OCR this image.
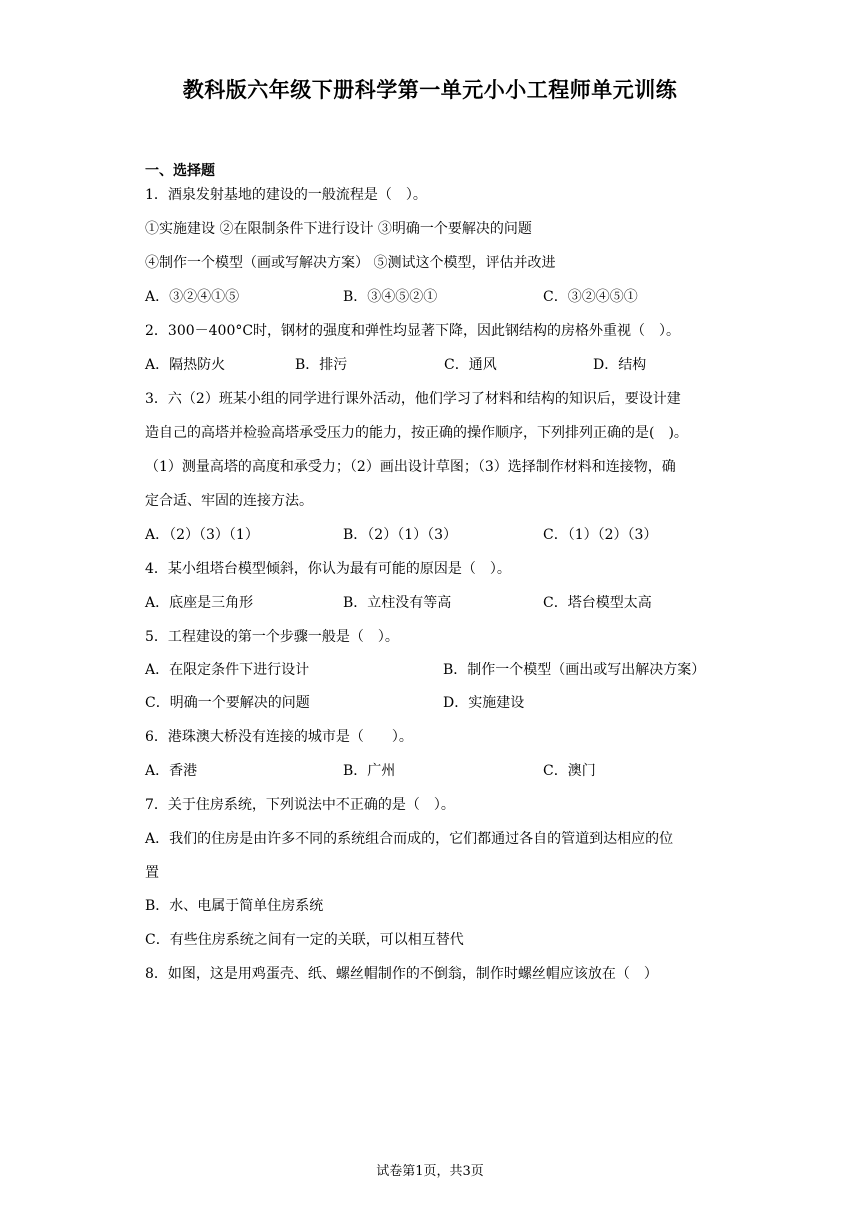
教科版六年级下册科学第一单元小小工程师单元训练
一、选择题
1．酒泉发射基地的建设的一般流程是（　）。
①实施建设 ②在限制条件下进行设计 ③明确一个要解决的问题
④制作一个模型（画或写解决方案） ⑤测试这个模型，评估并改进
A．③②④①⑤	B．③④⑤②①	C．③②④⑤①
2．300－400°C时，钢材的强度和弹性均显著下降，因此钢结构的房格外重视（　）。
A．隔热防火	B．排污	C．通风	D．结构
3．六（2）班某小组的同学进行课外活动，他们学习了材料和结构的知识后，要设计建
造自己的高塔并检验高塔承受压力的能力，按正确的操作顺序，下列排列正确的是(　)。
（1）测量高塔的高度和承受力；（2）画出设计草图；（3）选择制作材料和连接物，确
定合适、牢固的连接方法。
A．（2）（3）（1）	B．（2）（1）（3）	C．（1）（2）（3）
4．某小组塔台模型倾斜，你认为最有可能的原因是（　）。
A．底座是三角形	B．立柱没有等高	C．塔台模型太高
5．工程建设的第一个步骤一般是（　）。
A．在限定条件下进行设计	B．制作一个模型（画出或写出解决方案）
C．明确一个要解决的问题	D．实施建设
6．港珠澳大桥没有连接的城市是（　　）。
A．香港	B．广州	C．澳门
7．关于住房系统，下列说法中不正确的是（　）。
A．我们的住房是由许多不同的系统组合而成的，它们都通过各自的管道到达相应的位
置
B．水、电属于简单住房系统
C．有些住房系统之间有一定的关联，可以相互替代
8．如图，这是用鸡蛋壳、纸、螺丝帽制作的不倒翁，制作时螺丝帽应该放在（　）
试卷第1页，共3页
